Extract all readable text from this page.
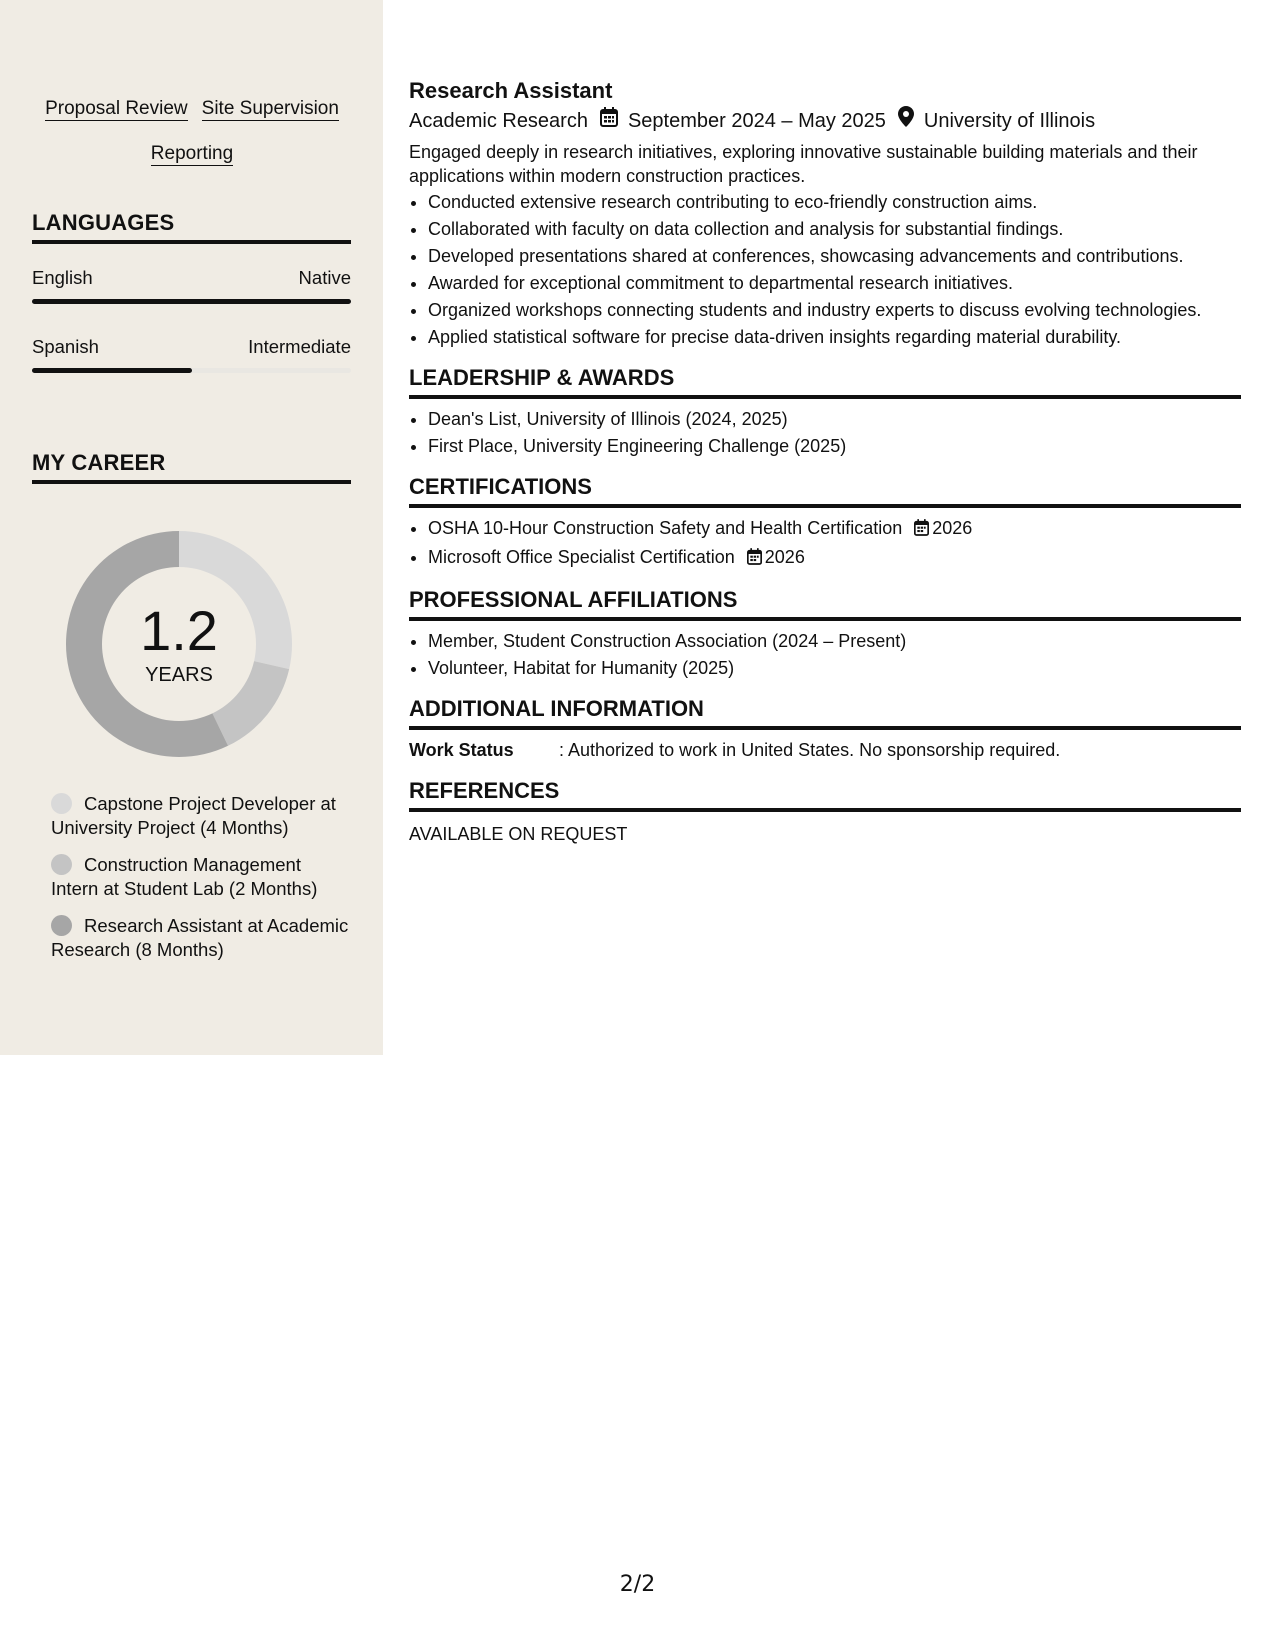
Proposal Review Site Supervision
Reporting
LANGUAGES
English	Native
Spanish	Intermediate
MY CAREER
1.2
YEARS
Capstone Project Developer at University Project (4 Months)
Construction Management Intern at Student Lab (2 Months)
Research Assistant at Academic Research (8 Months)
Research Assistant
Academic Research September 2024 – May 2025 University of Illinois
Engaged deeply in research initiatives, exploring innovative sustainable building materials and their applications within modern construction practices.
• Conducted extensive research contributing to eco-friendly construction aims.
• Collaborated with faculty on data collection and analysis for substantial findings.
• Developed presentations shared at conferences, showcasing advancements and contributions.
• Awarded for exceptional commitment to departmental research initiatives.
• Organized workshops connecting students and industry experts to discuss evolving technologies.
• Applied statistical software for precise data-driven insights regarding material durability.
LEADERSHIP & AWARDS
• Dean's List, University of Illinois (2024, 2025)
• First Place, University Engineering Challenge (2025)
CERTIFICATIONS
• OSHA 10-Hour Construction Safety and Health Certification 2026
• Microsoft Office Specialist Certification 2026
PROFESSIONAL AFFILIATIONS
• Member, Student Construction Association (2024 – Present)
• Volunteer, Habitat for Humanity (2025)
ADDITIONAL INFORMATION
Work Status	: Authorized to work in United States. No sponsorship required.
REFERENCES
AVAILABLE ON REQUEST
2/2
